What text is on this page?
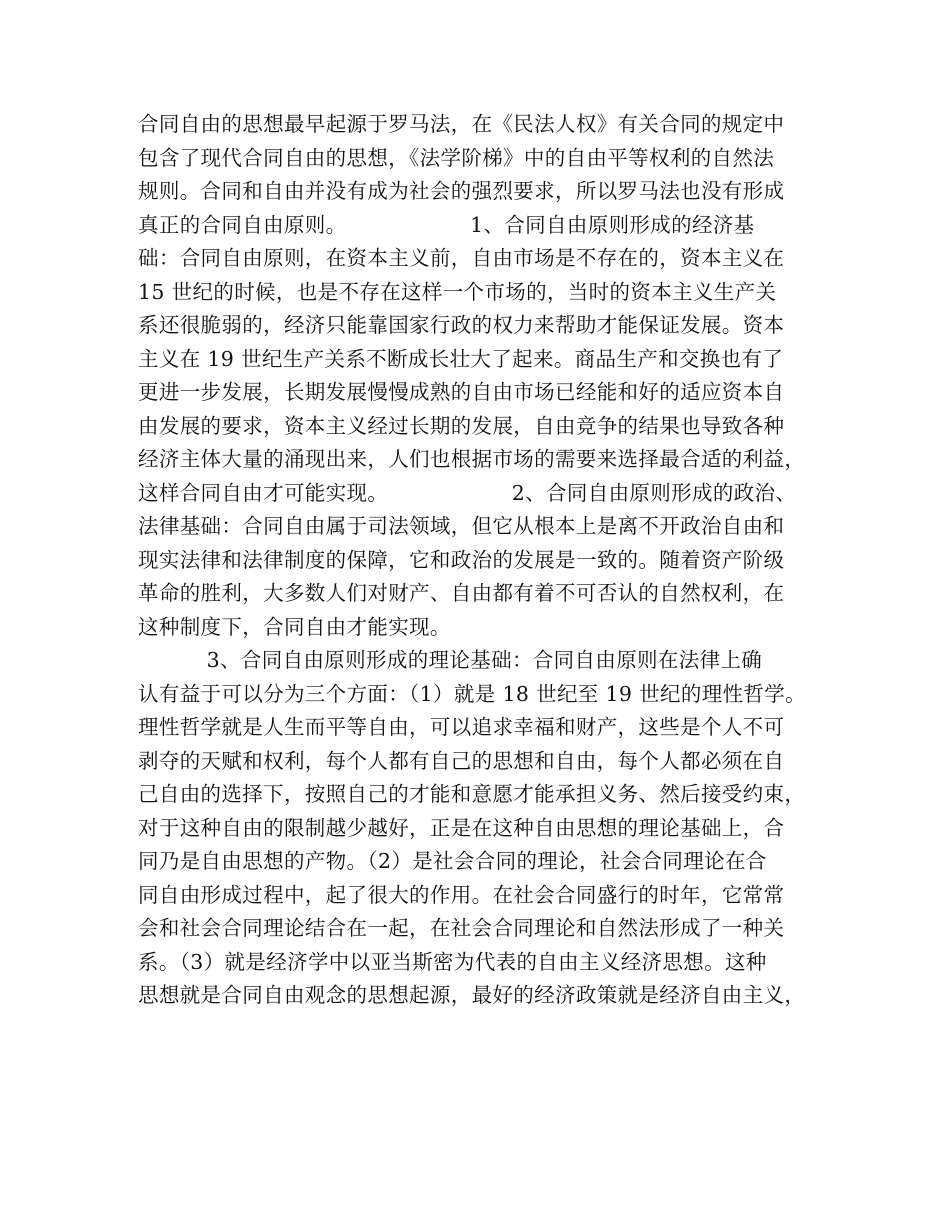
合同自由的思想最早起源于罗马法，在《民法人权》有关合同的规定中
包含了现代合同自由的思想，《法学阶梯》中的自由平等权利的自然法
规则。合同和自由并没有成为社会的强烈要求，所以罗马法也没有形成
真正的合同自由原则。                  1、合同自由原则形成的经济基
础：合同自由原则，在资本主义前，自由市场是不存在的，资本主义在
15 世纪的时候，也是不存在这样一个市场的，当时的资本主义生产关
系还很脆弱的，经济只能靠国家行政的权力来帮助才能保证发展。资本
主义在 19 世纪生产关系不断成长壮大了起来。商品生产和交换也有了
更进一步发展，长期发展慢慢成熟的自由市场已经能和好的适应资本自
由发展的要求，资本主义经过长期的发展，自由竞争的结果也导致各种
经济主体大量的涌现出来，人们也根据市场的需要来选择最合适的利益，
这样合同自由才可能实现。                  2、合同自由原则形成的政治、
法律基础：合同自由属于司法领域，但它从根本上是离不开政治自由和
现实法律和法律制度的保障，它和政治的发展是一致的。随着资产阶级
革命的胜利，大多数人们对财产、自由都有着不可否认的自然权利，在
这种制度下，合同自由才能实现。
3、合同自由原则形成的理论基础：合同自由原则在法律上确
认有益于可以分为三个方面：（1）就是 18 世纪至 19 世纪的理性哲学。
理性哲学就是人生而平等自由，可以追求幸福和财产，这些是个人不可
剥夺的天赋和权利，每个人都有自己的思想和自由，每个人都必须在自
己自由的选择下，按照自己的才能和意愿才能承担义务、然后接受约束，
对于这种自由的限制越少越好，正是在这种自由思想的理论基础上，合
同乃是自由思想的产物。（2）是社会合同的理论，社会合同理论在合
同自由形成过程中，起了很大的作用。在社会合同盛行的时年，它常常
会和社会合同理论结合在一起，在社会合同理论和自然法形成了一种关
系。（3）就是经济学中以亚当斯密为代表的自由主义经济思想。这种
思想就是合同自由观念的思想起源，最好的经济政策就是经济自由主义，
